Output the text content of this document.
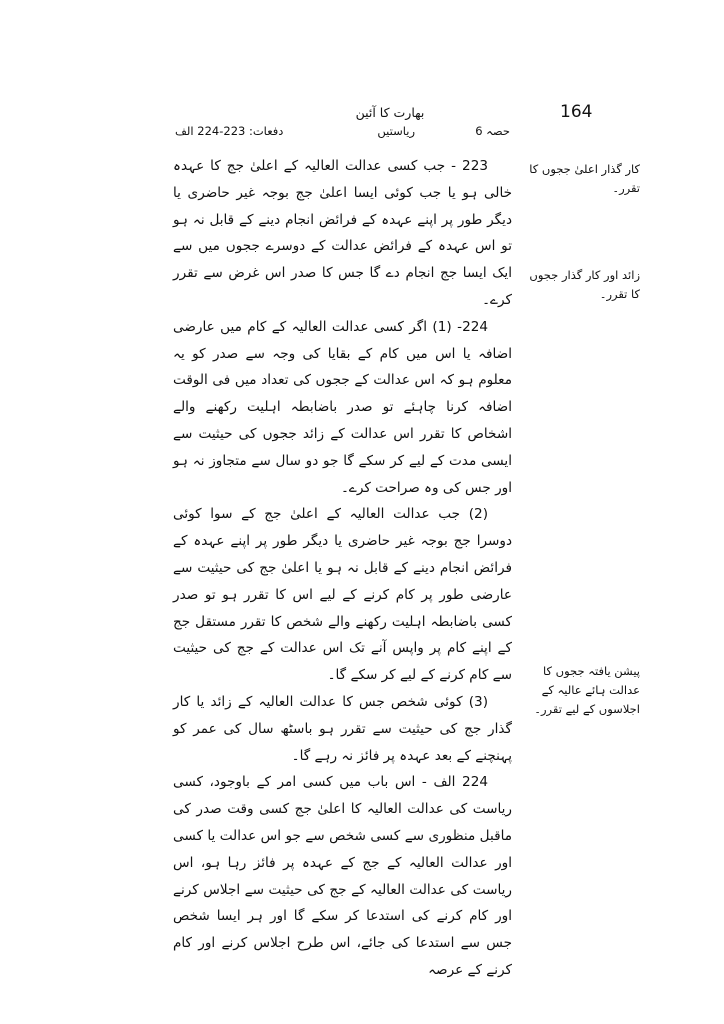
164
بھارت کا آئین
حصہ 6
ریاستیں
دفعات: 223-224 الف
کار گذار اعلیٰ ججوں کا تقرر۔
زائد اور کار گذار ججوں کا تقرر۔
پیشن یافتہ ججوں کا عدالت ہائے عالیہ کے اجلاسوں کے لیے تقرر۔

223 - جب کسی عدالت العالیہ کے اعلیٰ جج کا عہدہ خالی ہو یا جب کوئی ایسا اعلیٰ جج بوجہ غیر حاضری یا دیگر طور پر اپنے عہدہ کے فرائض انجام دینے کے قابل نہ ہو تو اس عہدہ کے فرائض عدالت کے دوسرے ججوں میں سے ایک ایسا جج انجام دے گا جس کا صدر اس غرض سے تقرر کرے۔

224- (1) اگر کسی عدالت العالیہ کے کام میں عارضی اضافہ یا اس میں کام کے بقایا کی وجہ سے صدر کو یہ معلوم ہو کہ اس عدالت کے ججوں کی تعداد میں فی الوقت اضافہ کرنا چاہئے تو صدر باضابطہ اہلیت رکھنے والے اشخاص کا تقرر اس عدالت کے زائد ججوں کی حیثیت سے ایسی مدت کے لیے کر سکے گا جو دو سال سے متجاوز نہ ہو اور جس کی وہ صراحت کرے۔

(2) جب عدالت العالیہ کے اعلیٰ جج کے سوا کوئی دوسرا جج بوجہ غیر حاضری یا دیگر طور پر اپنے عہدہ کے فرائض انجام دینے کے قابل نہ ہو یا اعلیٰ جج کی حیثیت سے عارضی طور پر کام کرنے کے لیے اس کا تقرر ہو تو صدر کسی باضابطہ اہلیت رکھنے والے شخص کا تقرر مستقل جج کے اپنے کام پر واپس آنے تک اس عدالت کے جج کی حیثیت سے کام کرنے کے لیے کر سکے گا۔

(3) کوئی شخص جس کا عدالت العالیہ کے زائد یا کار گذار جج کی حیثیت سے تقرر ہو باسٹھ سال کی عمر کو پہنچنے کے بعد عہدہ پر فائز نہ رہے گا۔

224 الف - اس باب میں کسی امر کے باوجود، کسی ریاست کی عدالت العالیہ کا اعلیٰ جج کسی وقت صدر کی ماقبل منظوری سے کسی شخص سے جو اس عدالت یا کسی اور عدالت العالیہ کے جج کے عہدہ پر فائز رہا ہو، اس ریاست کی عدالت العالیہ کے جج کی حیثیت سے اجلاس کرنے اور کام کرنے کی استدعا کر سکے گا اور ہر ایسا شخص جس سے استدعا کی جائے، اس طرح اجلاس کرنے اور کام کرنے کے عرصہ
